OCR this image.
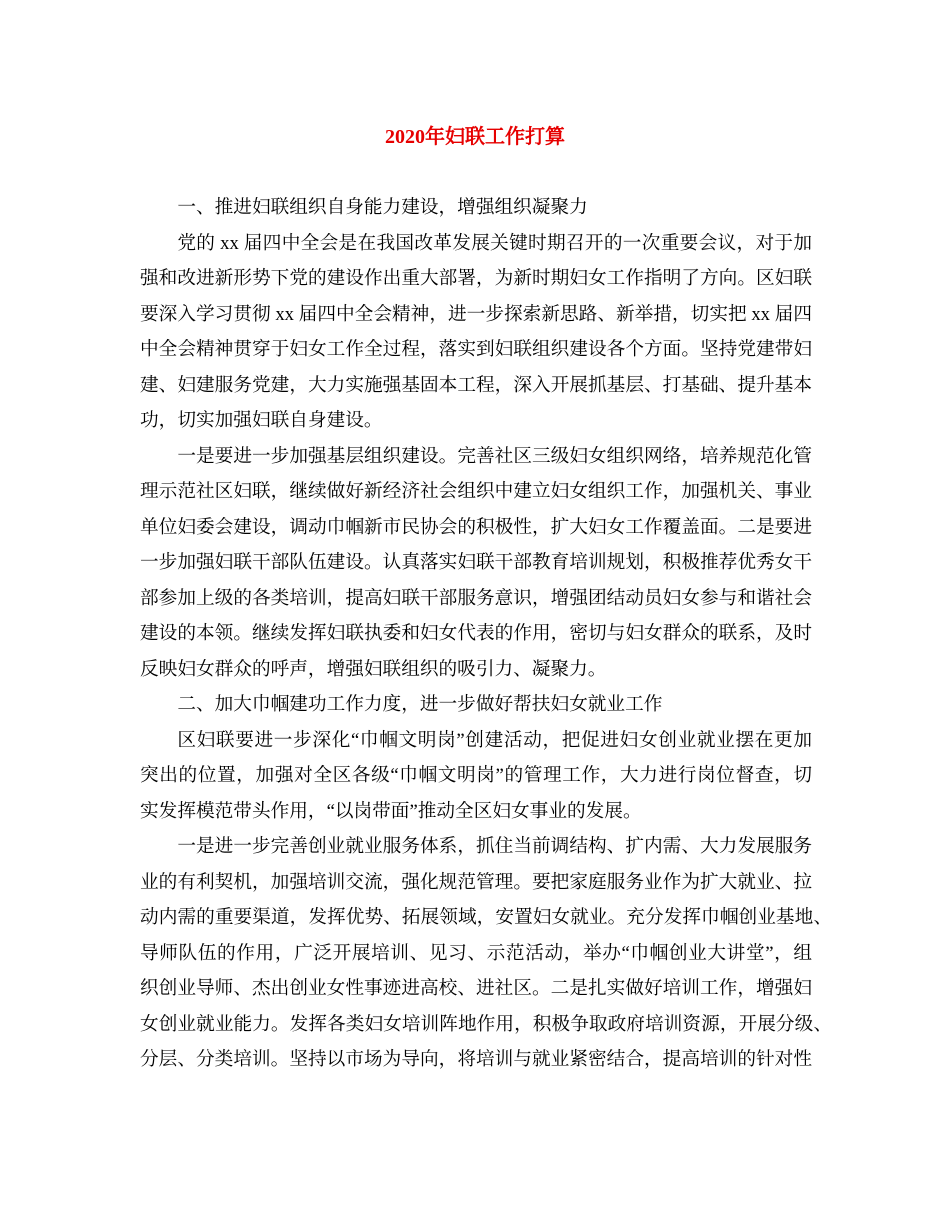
2020年妇联工作打算
一、推进妇联组织自身能力建设，增强组织凝聚力
党的 xx 届四中全会是在我国改革发展关键时期召开的一次重要会议，对于加
强和改进新形势下党的建设作出重大部署，为新时期妇女工作指明了方向。区妇联
要深入学习贯彻 xx 届四中全会精神，进一步探索新思路、新举措，切实把 xx 届四
中全会精神贯穿于妇女工作全过程，落实到妇联组织建设各个方面。坚持党建带妇
建、妇建服务党建，大力实施强基固本工程，深入开展抓基层、打基础、提升基本
功，切实加强妇联自身建设。
一是要进一步加强基层组织建设。完善社区三级妇女组织网络，培养规范化管
理示范社区妇联，继续做好新经济社会组织中建立妇女组织工作，加强机关、事业
单位妇委会建设，调动巾帼新市民协会的积极性，扩大妇女工作覆盖面。二是要进
一步加强妇联干部队伍建设。认真落实妇联干部教育培训规划，积极推荐优秀女干
部参加上级的各类培训，提高妇联干部服务意识，增强团结动员妇女参与和谐社会
建设的本领。继续发挥妇联执委和妇女代表的作用，密切与妇女群众的联系，及时
反映妇女群众的呼声，增强妇联组织的吸引力、凝聚力。
二、加大巾帼建功工作力度，进一步做好帮扶妇女就业工作
区妇联要进一步深化“巾帼文明岗”创建活动，把促进妇女创业就业摆在更加
突出的位置，加强对全区各级“巾帼文明岗”的管理工作，大力进行岗位督查，切
实发挥模范带头作用，“以岗带面”推动全区妇女事业的发展。
一是进一步完善创业就业服务体系，抓住当前调结构、扩内需、大力发展服务
业的有利契机，加强培训交流，强化规范管理。要把家庭服务业作为扩大就业、拉
动内需的重要渠道，发挥优势、拓展领域，安置妇女就业。充分发挥巾帼创业基地、
导师队伍的作用，广泛开展培训、见习、示范活动，举办“巾帼创业大讲堂”，组
织创业导师、杰出创业女性事迹进高校、进社区。二是扎实做好培训工作，增强妇
女创业就业能力。发挥各类妇女培训阵地作用，积极争取政府培训资源，开展分级、
分层、分类培训。坚持以市场为导向，将培训与就业紧密结合，提高培训的针对性
